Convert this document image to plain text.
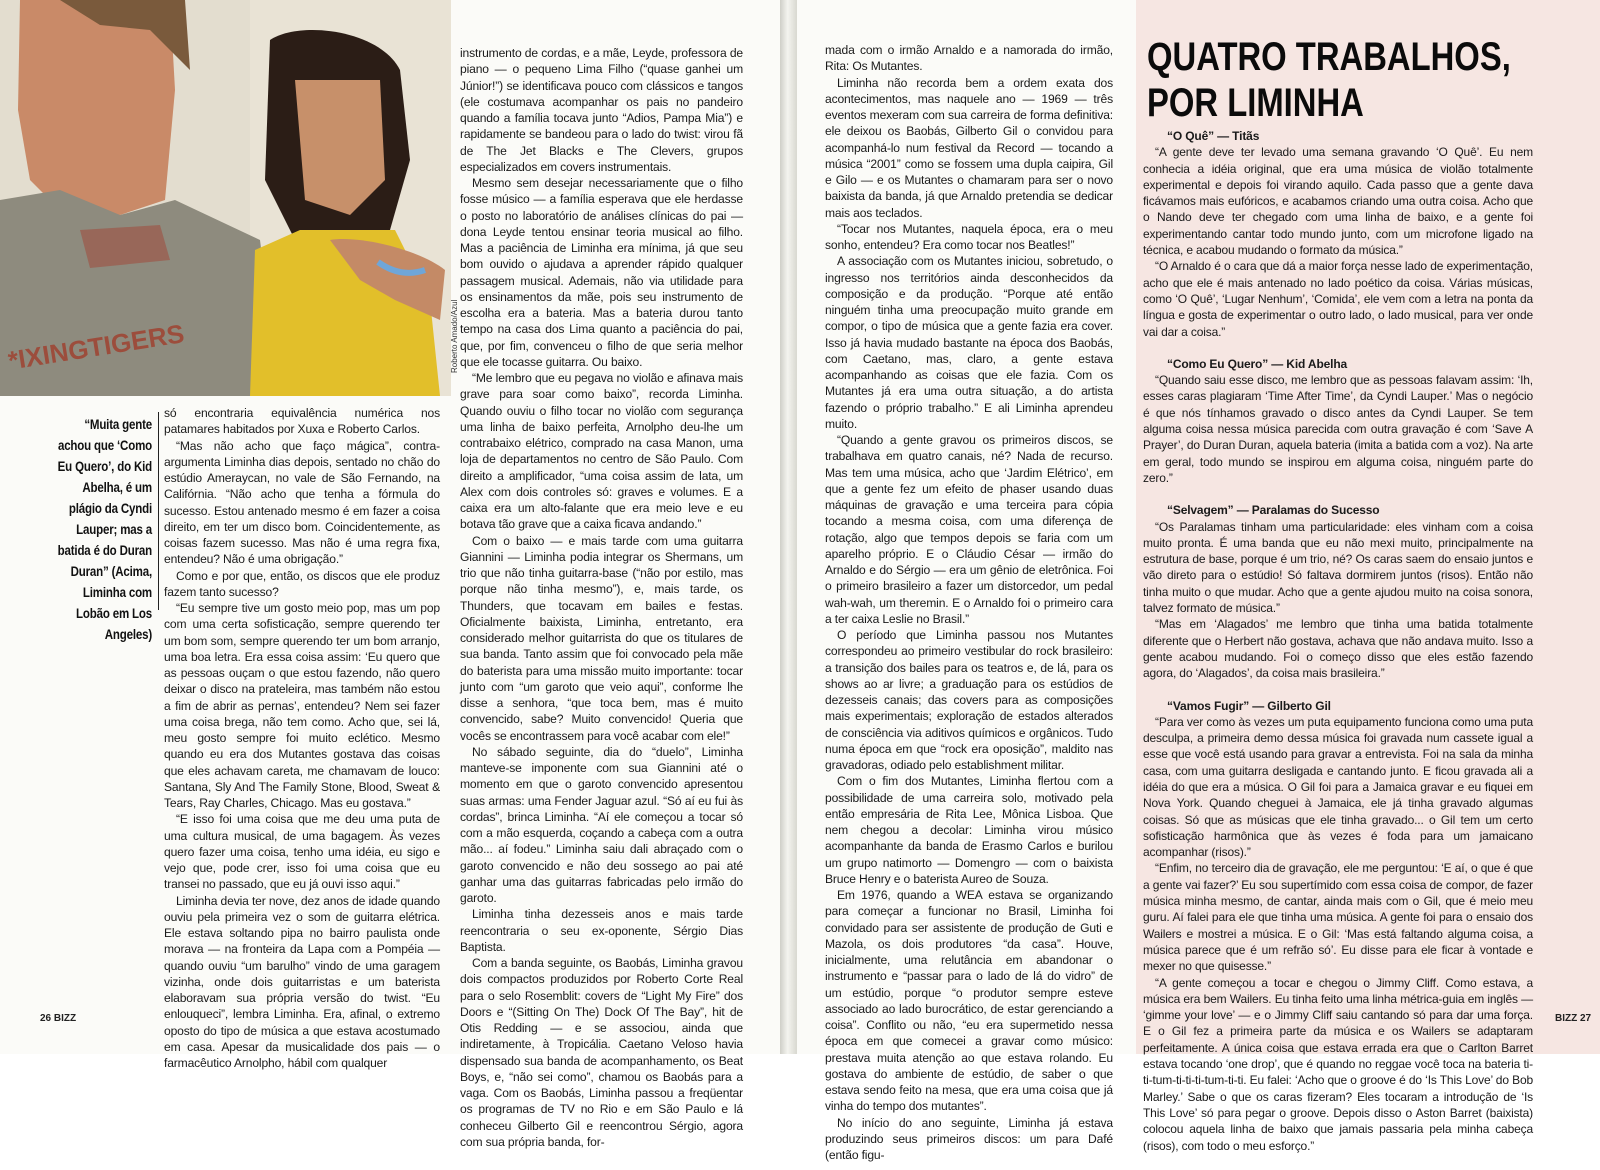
*IXINGTIGERS	Roberto Amado/Azul
“Muita gente achou que ‘Como Eu Quero’, do Kid Abelha, é um plágio da Cyndi Lauper; mas a batida é do Duran Duran” (Acima, Liminha com Lobão em Los Angeles)

só encontraria equivalência numérica nos patamares habitados por Xuxa e Roberto Carlos.

“Mas não acho que faço mágica”, contra-argumenta Liminha dias depois, sentado no chão do estúdio Amerаycan, no vale de São Fernando, na Califórnia. “Não acho que tenha a fórmula do sucesso. Estou antenado mesmo é em fazer a coisa direito, em ter um disco bom. Coincidentemente, as coisas fazem sucesso. Mas não é uma regra fixa, entendeu? Não é uma obrigação.”

Como e por que, então, os discos que ele produz fazem tanto sucesso?

“Eu sempre tive um gosto meio pop, mas um pop com uma certa sofisticação, sempre querendo ter um bom som, sempre querendo ter um bom arranjo, uma boa letra. Era essa coisa assim: ‘Eu quero que as pessoas ouçam o que estou fazendo, não quero deixar o disco na prateleira, mas também não estou a fim de abrir as pernas’, entendeu? Nem sei fazer uma coisa brega, não tem como. Acho que, sei lá, meu gosto sempre foi muito eclético. Mesmo quando eu era dos Mutantes gostava das coisas que eles achavam careta, me chamavam de louco: Santana, Sly And The Family Stone, Blood, Sweat & Tears, Ray Charles, Chicago. Mas eu gostava.”

“E isso foi uma coisa que me deu uma puta de uma cultura musical, de uma bagagem. Às vezes quero fazer uma coisa, tenho uma idéia, eu sigo e vejo que, pode crer, isso foi uma coisa que eu transei no passado, que eu já ouvi isso aqui.”

Liminha devia ter nove, dez anos de idade quando ouviu pela primeira vez o som de guitarra elétrica. Ele estava soltando pipa no bairro paulista onde morava — na fronteira da Lapa com a Pompéia — quando ouviu “um barulho” vindo de uma garagem vizinha, onde dois guitarristas e um baterista elaboravam sua própria versão do twist. “Eu enlouqueci”, lembra Liminha. Era, afinal, o extremo oposto do tipo de música a que estava acostumado em casa. Apesar da musicalidade dos pais — o farmacêutico Arnolpho, hábil com qualquer

instrumento de cordas, e a mãe, Leyde, professora de piano — o pequeno Lima Filho (“quase ganhei um Júnior!”) se identificava pouco com clássicos e tangos (ele costumava acompanhar os pais no pandeiro quando a família tocava junto “Adios, Pampa Mia”) e rapidamente se bandeou para o lado do twist: virou fã de The Jet Blacks e The Clevers, grupos especializados em covers instrumentais.

Mesmo sem desejar necessariamente que o filho fosse músico — a família esperava que ele herdasse o posto no laboratório de análises clínicas do pai — dona Leyde tentou ensinar teoria musical ao filho. Mas a paciência de Liminha era mínima, já que seu bom ouvido o ajudava a aprender rápido qualquer passagem musical. Ademais, não via utilidade para os ensinamentos da mãe, pois seu instrumento de escolha era a bateria. Mas a bateria durou tanto tempo na casa dos Lima quanto a paciência do pai, que, por fim, convenceu o filho de que seria melhor que ele tocasse guitarra. Ou baixo.

“Me lembro que eu pegava no violão e afinava mais grave para soar como baixo”, recorda Liminha. Quando ouviu o filho tocar no violão com segurança uma linha de baixo perfeita, Arnolpho deu-lhe um contrabaixo elétrico, comprado na casa Manon, uma loja de departamentos no centro de São Paulo. Com direito a amplificador, “uma coisa assim de lata, um Alex com dois controles só: graves e volumes. E a caixa era um alto-falante que era meio leve e eu botava tão grave que a caixa ficava andando.”

Com o baixo — e mais tarde com uma guitarra Giannini — Liminha podia integrar os Shermans, um trio que não tinha guitarra-base (“não por estilo, mas porque não tinha mesmo”), e, mais tarde, os Thunders, que tocavam em bailes e festas. Oficialmente baixista, Liminha, entretanto, era considerado melhor guitarrista do que os titulares de sua banda. Tanto assim que foi convocado pela mãe do baterista para uma missão muito importante: tocar junto com “um garoto que veio aqui”, conforme lhe disse a senhora, “que toca bem, mas é muito convencido, sabe? Muito convencido! Queria que vocês se encontrassem para você acabar com ele!”

No sábado seguinte, dia do “duelo”, Liminha manteve-se imponente com sua Giannini até o momento em que o garoto convencido apresentou suas armas: uma Fender Jaguar azul. “Só aí eu fui às cordas”, brinca Liminha. “Aí ele começou a tocar só com a mão esquerda, coçando a cabeça com a outra mão... aí fodeu.” Liminha saiu dali abraçado com o garoto convencido e não deu sossego ao pai até ganhar uma das guitarras fabricadas pelo irmão do garoto.

Liminha tinha dezesseis anos e mais tarde reencontraria o seu ex-oponente, Sérgio Dias Baptista.

Com a banda seguinte, os Baobás, Liminha gravou dois compactos produzidos por Roberto Corte Real para o selo Rosemblit: covers de “Light My Fire” dos Doors e “(Sitting On The) Dock Of The Bay”, hit de Otis Redding — e se associou, ainda que indiretamente, à Tropicália. Caetano Veloso havia dispensado sua banda de acompanhamento, os Beat Boys, e, “não sei como”, chamou os Baobás para a vaga. Com os Baobás, Liminha passou a freqüentar os programas de TV no Rio e em São Paulo e lá conheceu Gilberto Gil e reencontrou Sérgio, agora com sua própria banda, for-

26 BIZZ

mada com o irmão Arnaldo e a namorada do irmão, Rita: Os Mutantes.

Liminha não recorda bem a ordem exata dos acontecimentos, mas naquele ano — 1969 — três eventos mexeram com sua carreira de forma definitiva: ele deixou os Baobás, Gilberto Gil o convidou para acompanhá-lo num festival da Record — tocando a música “2001” como se fossem uma dupla caipira, Gil e Gilo — e os Mutantes o chamaram para ser o novo baixista da banda, já que Arnaldo pretendia se dedicar mais aos teclados.

“Tocar nos Mutantes, naquela época, era o meu sonho, entendeu? Era como tocar nos Beatles!”

A associação com os Mutantes iniciou, sobretudo, o ingresso nos territórios ainda desconhecidos da composição e da produção. “Porque até então ninguém tinha uma preocupação muito grande em compor, o tipo de música que a gente fazia era cover. Isso já havia mudado bastante na época dos Baobás, com Caetano, mas, claro, a gente estava acompanhando as coisas que ele fazia. Com os Mutantes já era uma outra situação, a do artista fazendo o próprio trabalho.” E ali Liminha aprendeu muito.

“Quando a gente gravou os primeiros discos, se trabalhava em quatro canais, né? Nada de recurso. Mas tem uma música, acho que ‘Jardim Elétrico’, em que a gente fez um efeito de phaser usando duas máquinas de gravação e uma terceira para cópia tocando a mesma coisa, com uma diferença de rotação, algo que tempos depois se faria com um aparelho próprio. E o Cláudio César — irmão do Arnaldo e do Sérgio — era um gênio de eletrônica. Foi o primeiro brasileiro a fazer um distorcedor, um pedal wah-wah, um theremin. E o Arnaldo foi o primeiro cara a ter caixa Leslie no Brasil.”

O período que Liminha passou nos Mutantes correspondeu ao primeiro vestibular do rock brasileiro: a transição dos bailes para os teatros e, de lá, para os shows ao ar livre; a graduação para os estúdios de dezesseis canais; das covers para as composições mais experimentais; exploração de estados alterados de consciência via aditivos químicos e orgânicos. Tudo numa época em que “rock era oposição”, maldito nas gravadoras, odiado pelo establishment militar.

Com o fim dos Mutantes, Liminha flertou com a possibilidade de uma carreira solo, motivado pela então empresária de Rita Lee, Mônica Lisboa. Que nem chegou a decolar: Liminha virou músico acompanhante da banda de Erasmo Carlos e burilou um grupo natimorto — Domengro — com o baixista Bruce Henry e o baterista Aureo de Souza.

Em 1976, quando a WEA estava se organizando para começar a funcionar no Brasil, Liminha foi convidado para ser assistente de produção de Guti e Mazola, os dois produtores “da casa”. Houve, inicialmente, uma relutância em abandonar o instrumento e “passar para o lado de lá do vidro” de um estúdio, porque “o produtor sempre esteve associado ao lado burocrático, de estar gerenciando a coisa”. Conflito ou não, “eu era supermetido nessa época em que comecei a gravar como músico: prestava muita atenção ao que estava rolando. Eu gostava do ambiente de estúdio, de saber o que estava sendo feito na mesa, que era uma coisa que já vinha do tempo dos mutantes”.

No início do ano seguinte, Liminha já estava produzindo seus primeiros discos: um para Dafé (então figu-

QUATRO TRABALHOS,
POR LIMINHA

“O Quê” — Titãs

“A gente deve ter levado uma semana gravando ‘O Quê’. Eu nem conhecia a idéia original, que era uma música de violão totalmente experimental e depois foi virando aquilo. Cada passo que a gente dava ficávamos mais eufóricos, e acabamos criando uma outra coisa. Acho que o Nando deve ter chegado com uma linha de baixo, e a gente foi experimentando cantar todo mundo junto, com um microfone ligado na técnica, e acabou mudando o formato da música.”

“O Arnaldo é o cara que dá a maior força nesse lado de experimentação, acho que ele é mais antenado no lado poético da coisa. Várias músicas, como ‘O Quê’, ‘Lugar Nenhum’, ‘Comida’, ele vem com a letra na ponta da língua e gosta de experimentar o outro lado, o lado musical, para ver onde vai dar a coisa.”

“Como Eu Quero” — Kid Abelha

“Quando saiu esse disco, me lembro que as pessoas falavam assim: ‘Ih, esses caras plagiaram ‘Time After Time’, da Cyndi Lauper.’ Mas o negócio é que nós tínhamos gravado o disco antes da Cyndi Lauper. Se tem alguma coisa nessa música parecida com outra gravação é com ‘Save A Prayer’, do Duran Duran, aquela bateria (imita a batida com a voz). Na arte em geral, todo mundo se inspirou em alguma coisa, ninguém parte do zero.”

“Selvagem” — Paralamas do Sucesso

“Os Paralamas tinham uma particularidade: eles vinham com a coisa muito pronta. É uma banda que eu não mexi muito, principalmente na estrutura de base, porque é um trio, né? Os caras saem do ensaio juntos e vão direto para o estúdio! Só faltava dormirem juntos (risos). Então não tinha muito o que mudar. Acho que a gente ajudou muito na coisa sonora, talvez formato de música.”

“Mas em ‘Alagados’ me lembro que tinha uma batida totalmente diferente que o Herbert não gostava, achava que não andava muito. Isso a gente acabou mudando. Foi o começo disso que eles estão fazendo agora, do ‘Alagados’, da coisa mais brasileira.”

“Vamos Fugir” — Gilberto Gil

“Para ver como às vezes um puta equipamento funciona como uma puta desculpa, a primeira demo dessa música foi gravada num cassete igual a esse que você está usando para gravar a entrevista. Foi na sala da minha casa, com uma guitarra desligada e cantando junto. E ficou gravada ali a idéia do que era a música. O Gil foi para a Jamaica gravar e eu fiquei em Nova York. Quando cheguei à Jamaica, ele já tinha gravado algumas coisas. Só que as músicas que ele tinha gravado... o Gil tem um certo sofisticação harmônica que às vezes é foda para um jamaicano acompanhar (risos).”

“Enfim, no terceiro dia de gravação, ele me perguntou: ‘E aí, o que é que a gente vai fazer?’ Eu sou supertímido com essa coisa de compor, de fazer música minha mesmo, de cantar, ainda mais com o Gil, que é meio meu guru. Aí falei para ele que tinha uma música. A gente foi para o ensaio dos Wailers e mostrei a música. E o Gil: ‘Mas está faltando alguma coisa, a música parece que é um refrão só’. Eu disse para ele ficar à vontade e mexer no que quisesse.”

“A gente começou a tocar e chegou o Jimmy Cliff. Como estava, a música era bem Wailers. Eu tinha feito uma linha métrica-guia em inglês — ‘gimme your love’ — e o Jimmy Cliff saiu cantando só para dar uma força. E o Gil fez a primeira parte da música e os Wailers se adaptaram perfeitamente. A única coisa que estava errada era que o Carlton Barret estava tocando ‘one drop’, que é quando no reggae você toca na bateria ti-ti-tum-ti-ti-ti-tum-ti-ti. Eu falei: ‘Acho que o groove é do ‘Is This Love’ do Bob Marley.’ Sabe o que os caras fizeram? Eles tocaram a introdução de ‘Is This Love’ só para pegar o groove. Depois disso o Aston Barret (baixista) colocou aquela linha de baixo que jamais passaria pela minha cabeça (risos), com todo o meu esforço.”

BIZZ 27
